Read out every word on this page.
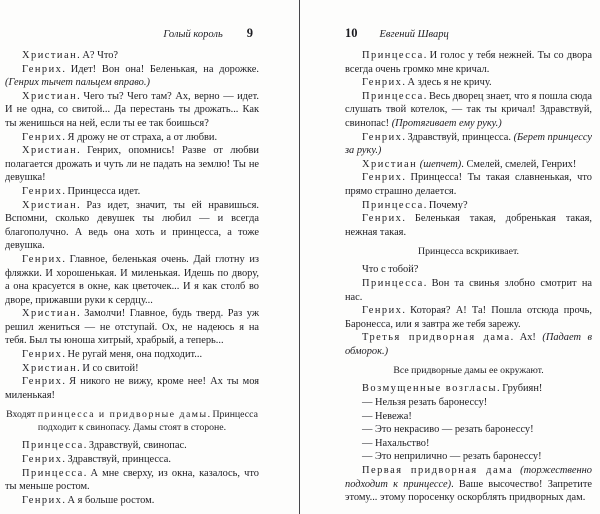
Голый король 9

Христиан. А? Что?

Генрих. Идет! Вон она! Беленькая, на дорожке. (Генрих тычет пальцем вправо.)

Христиан. Чего ты? Чего там? Ах, верно — идет. И не одна, со свитой... Да перестань ты дрожать... Как ты женишься на ней, если ты ее так боишься?

Генрих. Я дрожу не от страха, а от любви.

Христиан. Генрих, опомнись! Разве от любви полагается дрожать и чуть ли не падать на землю! Ты не девушка!

Генрих. Принцесса идет.

Христиан. Раз идет, значит, ты ей нравишься. Вспомни, сколько девушек ты любил — и всегда благополучно. А ведь она хоть и принцесса, а тоже девушка.

Генрих. Главное, беленькая очень. Дай глотну из фляжки. И хорошенькая. И миленькая. Идешь по двору, а она красуется в окне, как цветочек... И я как столб во дворе, прижавши руки к сердцу...

Христиан. Замолчи! Главное, будь тверд. Раз уж решил жениться — не отступай. Ох, не надеюсь я на тебя. Был ты юноша хитрый, храбрый, а теперь...

Генрих. Не ругай меня, она подходит...

Христиан. И со свитой!

Генрих. Я никого не вижу, кроме нее! Ах ты моя миленькая!

Входят принцесса и придворные дамы. Принцесса подходит к свинопасу. Дамы стоят в стороне.

Принцесса. Здравствуй, свинопас.

Генрих. Здравствуй, принцесса.

Принцесса. А мне сверху, из окна, казалось, что ты меньше ростом.

Генрих. А я больше ростом.

10 Евгений Шварц

Принцесса. И голос у тебя нежней. Ты со двора всегда очень громко мне кричал.

Генрих. А здесь я не кричу.

Принцесса. Весь дворец знает, что я пошла сюда слушать твой котелок, — так ты кричал! Здравствуй, свинопас! (Протягивает ему руку.)

Генрих. Здравствуй, принцесса. (Берет принцессу за руку.)

Христиан (шепчет). Смелей, смелей, Генрих!

Генрих. Принцесса! Ты такая славненькая, что прямо страшно делается.

Принцесса. Почему?

Генрих. Беленькая такая, добренькая такая, нежная такая.

Принцесса вскрикивает.

Что с тобой?

Принцесса. Вон та свинья злобно смотрит на нас.

Генрих. Которая? А! Та! Пошла отсюда прочь, Баронесса, или я завтра же тебя зарежу.

Третья придворная дама. Ах! (Падает в обморок.)

Все придворные дамы ее окружают.

Возмущенные возгласы. Грубиян!

— Нельзя резать баронессу!

— Невежа!

— Это некрасиво — резать баронессу!

— Нахальство!

— Это неприлично — резать баронессу!

Первая придворная дама (торжественно подходит к принцессе). Ваше высочество! Запретите этому... этому поросенку оскорблять придворных дам.
